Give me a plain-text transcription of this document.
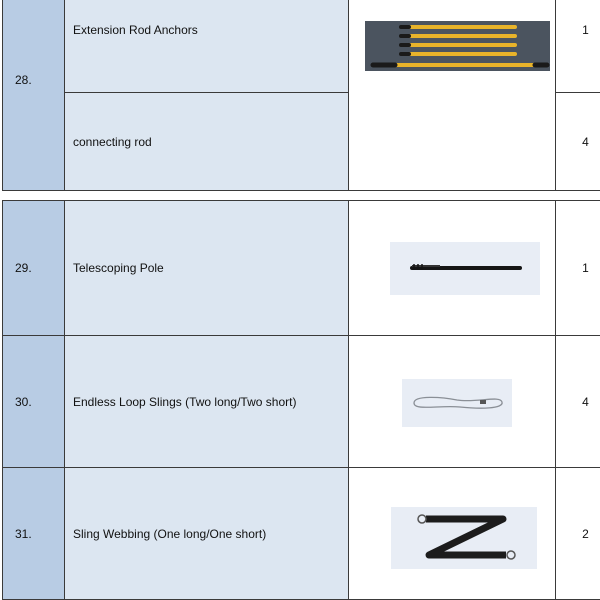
28.	Extension Rod Anchors		1
	connecting rod		4
29.	Telescoping Pole		1
30.	Endless Loop Slings (Two long/Two short)		4
31.	Sling Webbing (One long/One short)		2
